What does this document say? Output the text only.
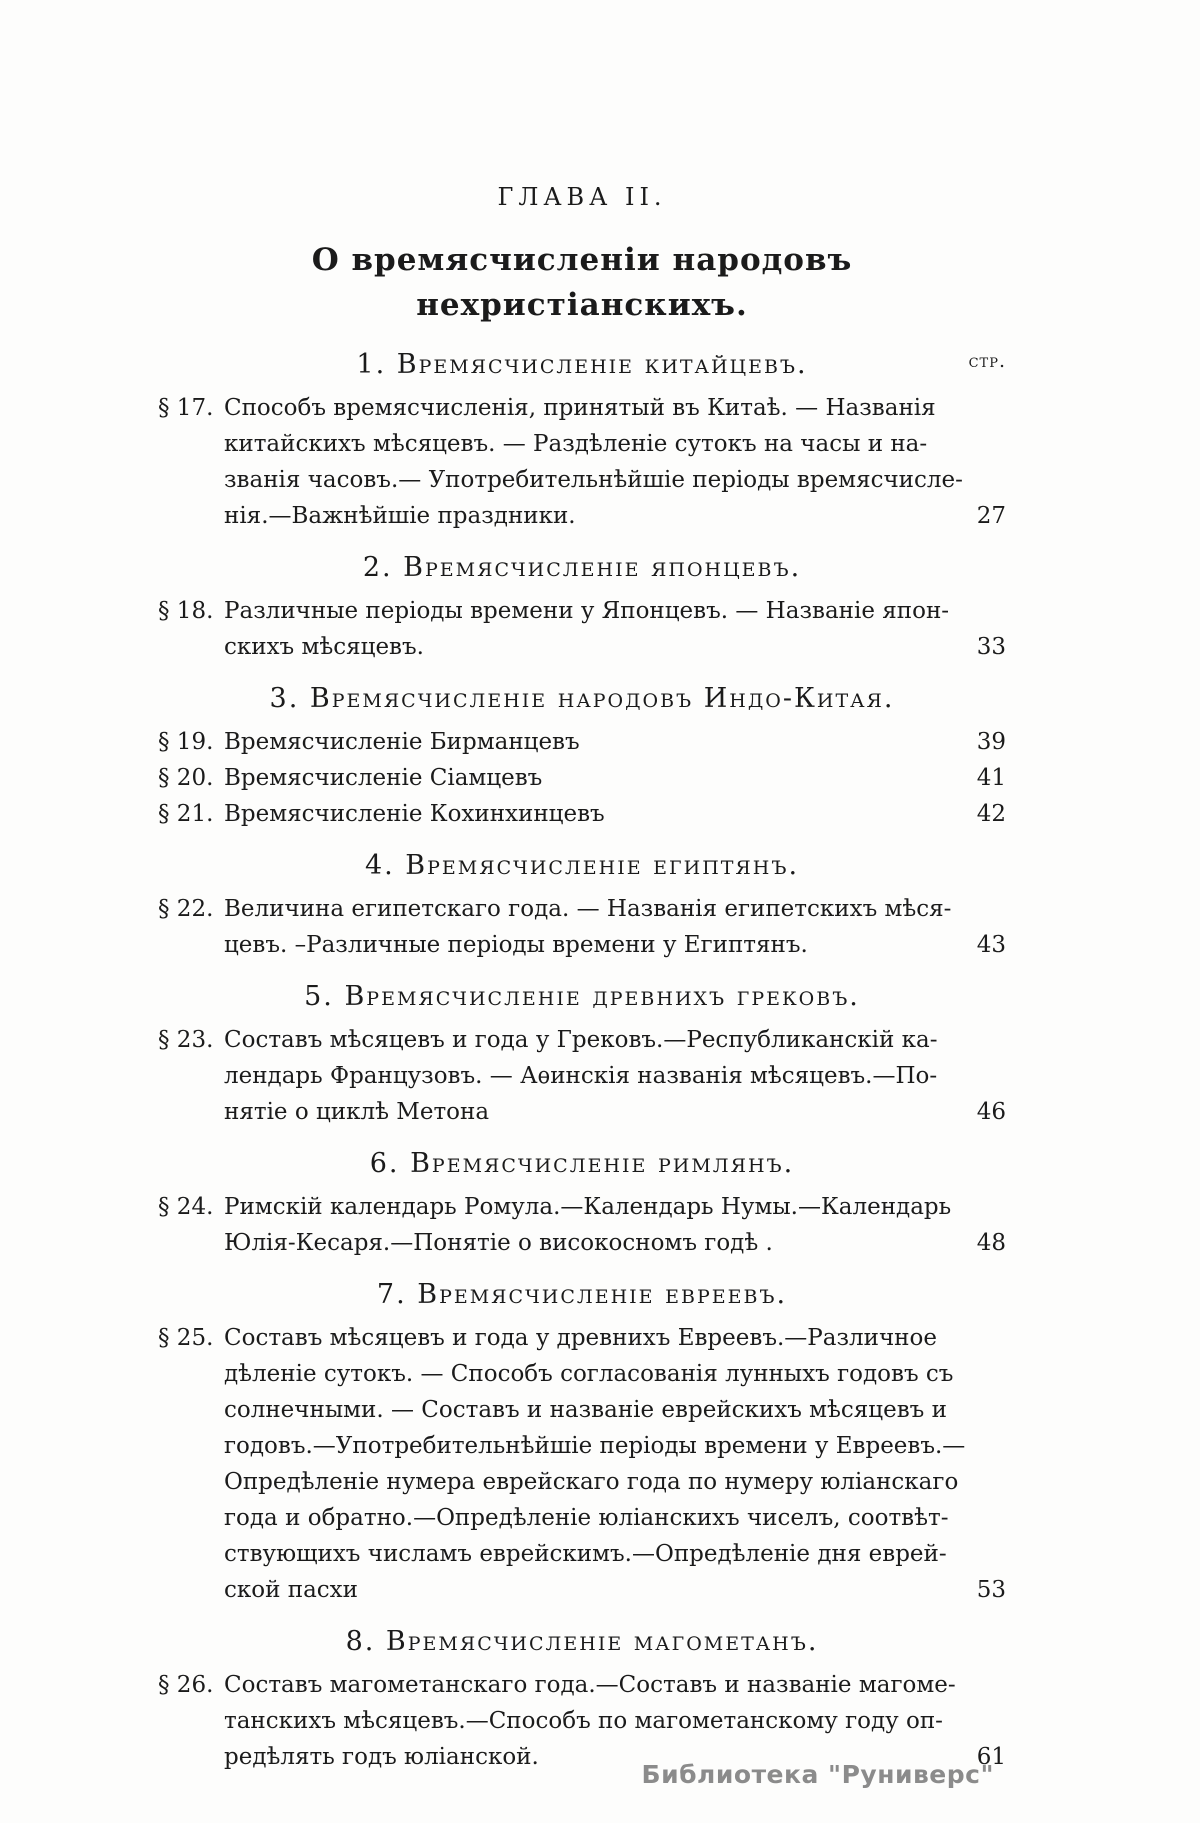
ГЛАВА II.
О времясчисленіи народовъ
нехристіанскихъ.
1. Времясчисленіе китайцевъ.	стр.
§ 17. Способъ времясчисленія, принятый въ Китаѣ. — Названія
китайскихъ мѣсяцевъ. — Раздѣленіе сутокъ на часы и на-
званія часовъ.— Употребительнѣйшіе періоды времясчисле-
нія.—Важнѣйшіе праздники.	27
2. Времясчисленіе японцевъ.
§ 18. Различные періоды времени у Японцевъ. — Названіе япон-
скихъ мѣсяцевъ.	33
3. Времясчисленіе народовъ Индо-Китая.
§ 19. Времясчисленіе Бирманцевъ	39
§ 20. Времясчисленіе Сіамцевъ	41
§ 21. Времясчисленіе Кохинхинцевъ	42
4. Времясчисленіе египтянъ.
§ 22. Величина египетскаго года. — Названія египетскихъ мѣся-
цевъ. –Различные періоды времени у Египтянъ.	43
5. Времясчисленіе древнихъ грековъ.
§ 23. Составъ мѣсяцевъ и года у Грековъ.—Республиканскій ка-
лендарь Французовъ. — Аѳинскія названія мѣсяцевъ.—По-
нятіе о циклѣ Метона	46
6. Времясчисленіе римлянъ.
§ 24. Римскій календарь Ромула.—Календарь Нумы.—Календарь
Юлія-Кесаря.—Понятіе о високосномъ годѣ .	48
7. Времясчисленіе евреевъ.
§ 25. Составъ мѣсяцевъ и года у древнихъ Евреевъ.—Различное
дѣленіе сутокъ. — Способъ согласованія лунныхъ годовъ съ
солнечными. — Составъ и названіе еврейскихъ мѣсяцевъ и
годовъ.—Употребительнѣйшіе періоды времени у Евреевъ.—
Опредѣленіе нумера еврейскаго года по нумеру юліанскаго
года и обратно.—Опредѣленіе юліанскихъ чиселъ, соотвѣт-
ствующихъ числамъ еврейскимъ.—Опредѣленіе дня еврей-
ской пасхи	53
8. Времясчисленіе магометанъ.
§ 26. Составъ магометанскаго года.—Составъ и названіе магоме-
танскихъ мѣсяцевъ.—Способъ по магометанскому году оп-
редѣлять годъ юліанской.	61
Библиотека "Руниверс"
